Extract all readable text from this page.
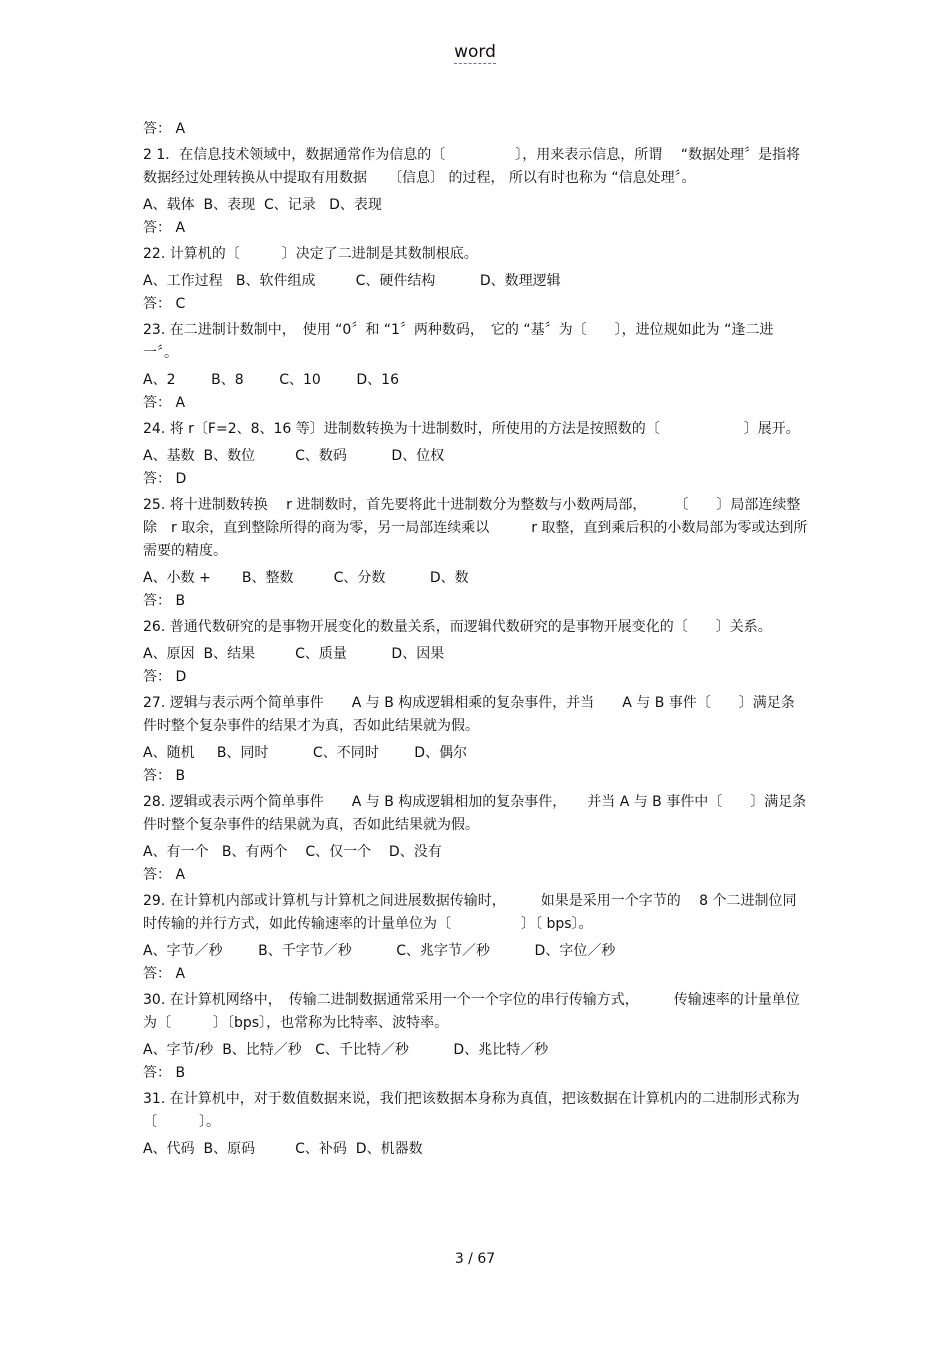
word

答： A

2 1．在信息技术领域中，数据通常作为信息的〔　　　　　〕，用来表示信息，所谓　 “数据处理〞是指将数据经过处理转换从中提取有用数据　　〔信息〕 的过程， 所以有时也称为 “信息处理〞。

A、载体  B、表现  C、记录   D、表现

答： A

22. 计算机的〔　　　〕决定了二进制是其数制根底。

A、工作过程   B、软件组成         C、硬件结构          D、数理逻辑

答： C

23. 在二进制计数制中，　使用 “0〞和 “1〞两种数码，　它的 “基〞为〔　　〕，进位规如此为 “逢二进一〞。

A、2        B、8        C、10        D、16

答： A

24. 将 r〔F=2、8、16 等〕进制数转换为十进制数时，所使用的方法是按照数的〔　　　　　　〕展开。

A、基数  B、数位         C、数码          D、位权

答： D

25. 将十进制数转换　 r 进制数时，首先要将此十进制数分为整数与小数两局部，　　　〔　　〕局部连续整除　r 取余，直到整除所得的商为零，另一局部连续乘以　　　r 取整，直到乘后积的小数局部为零或达到所需要的精度。

A、小数 +       B、整数         C、分数          D、数

答： B

26. 普通代数研究的是事物开展变化的数量关系，而逻辑代数研究的是事物开展变化的〔　　〕关系。

A、原因  B、结果         C、质量          D、因果

答： D

27. 逻辑与表示两个简单事件　　A 与 B 构成逻辑相乘的复杂事件，并当　　A 与 B 事件〔　　〕满足条件时整个复杂事件的结果才为真，否如此结果就为假。

A、随机     B、同时          C、不同时        D、偶尔

答： B

28. 逻辑或表示两个简单事件　　A 与 B 构成逻辑相加的复杂事件，　　并当 A 与 B 事件中〔　　〕满足条件时整个复杂事件的结果就为真，否如此结果就为假。

A、有一个   B、有两个    C、仅一个    D、没有

答： A

29. 在计算机内部或计算机与计算机之间进展数据传输时，　　　如果是采用一个字节的　 8 个二进制位同时传输的并行方式，如此传输速率的计量单位为〔　　　　　〕〔 bps〕。

A、字节／秒        B、千字节／秒          C、兆字节／秒          D、字位／秒

答： A

30. 在计算机网络中，　传输二进制数据通常采用一个一个字位的串行传输方式，　　　传输速率的计量单位为〔　　　〕〔bps〕，也常称为比特率、波特率。

A、字节/秒  B、比特／秒   C、千比特／秒          D、兆比特／秒

答： B

31. 在计算机中，对于数值数据来说，我们把该数据本身称为真值，把该数据在计算机内的二进制形式称为〔　　　〕。

A、代码  B、原码         C、补码  D、机器数

3 / 67
